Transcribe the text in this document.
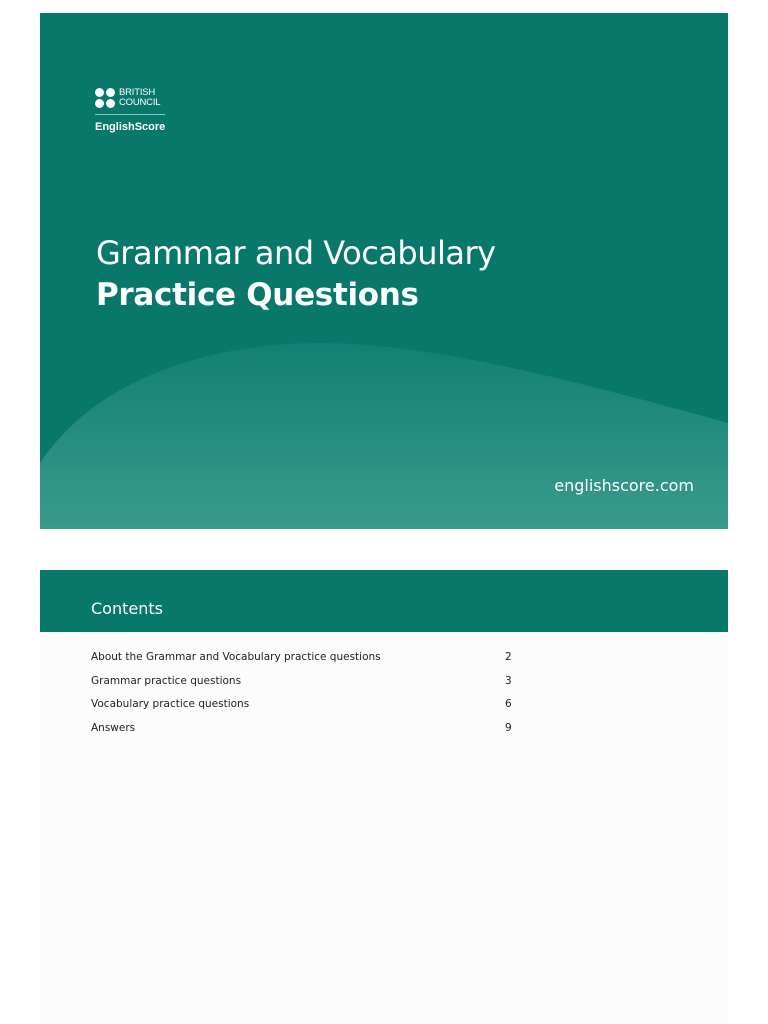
BRITISH
COUNCIL
EnglishScore
Grammar and Vocabulary
Practice Questions
englishscore.com
Contents
About the Grammar and Vocabulary practice questions	2
Grammar practice questions	3
Vocabulary practice questions	6
Answers	9
